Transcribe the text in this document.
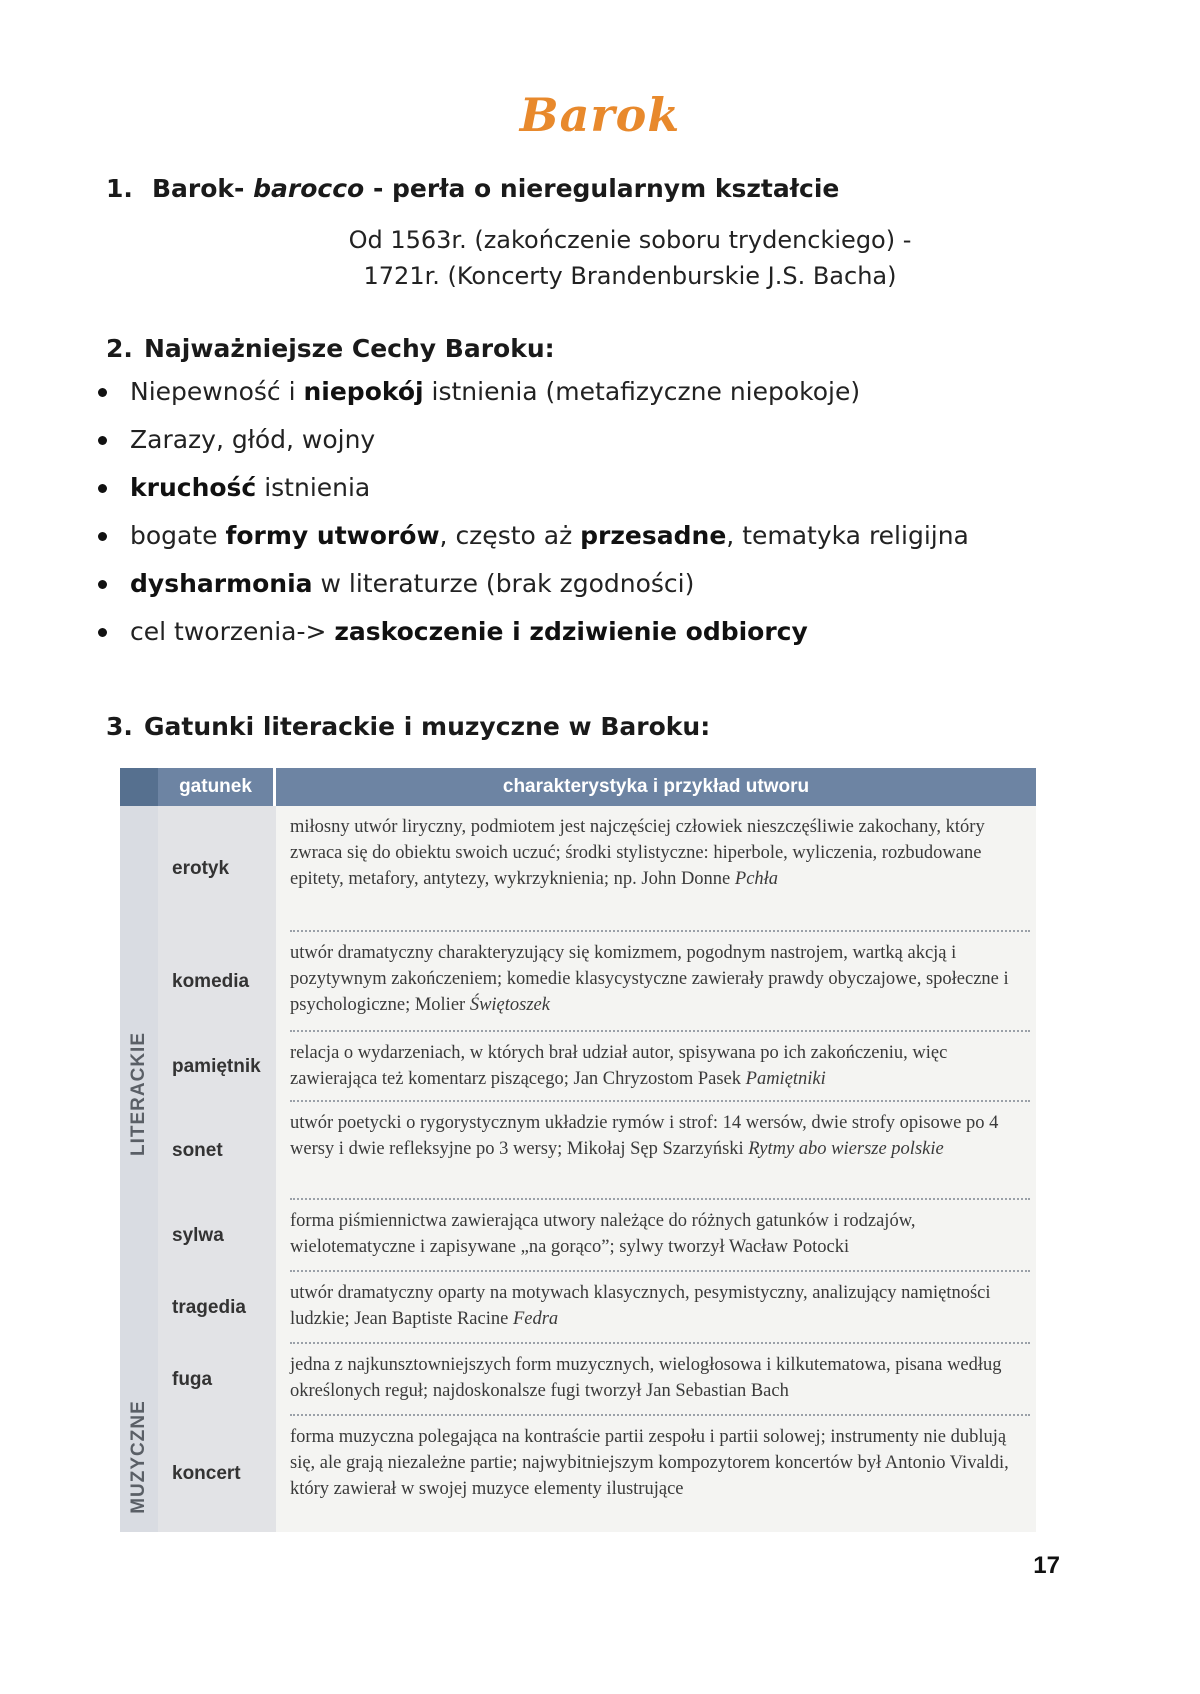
Barok
1. Barok- barocco - perła o nieregularnym kształcie
Od 1563r. (zakończenie soboru trydenckiego) -
1721r. (Koncerty Brandenburskie J.S. Bacha)
2. Najważniejsze Cechy Baroku:
Niepewność i niepokój istnienia (metafizyczne niepokoje)
Zarazy, głód, wojny
kruchość istnienia
bogate formy utworów, często aż przesadne, tematyka religijna
dysharmonia w literaturze (brak zgodności)
cel tworzenia-> zaskoczenie i zdziwienie odbiorcy
3. Gatunki literackie i muzyczne w Baroku:
gatunek	charakterystyka i przykład utworu
LITERACKIE
MUZYCZNE
erotyk
miłosny utwór liryczny, podmiotem jest najczęściej człowiek nieszczęśliwie zakochany, który zwraca się do obiektu swoich uczuć; środki stylistyczne: hiperbole, wyliczenia, rozbudowane epitety, metafory, antytezy, wykrzyknienia; np. John Donne Pchła
komedia
utwór dramatyczny charakteryzujący się komizmem, pogodnym nastrojem, wartką akcją i pozytywnym zakończeniem; komedie klasycystyczne zawierały prawdy obyczajowe, społeczne i psychologiczne; Molier Świętoszek
pamiętnik
relacja o wydarzeniach, w których brał udział autor, spisywana po ich zakończeniu, więc zawierająca też komentarz piszącego; Jan Chryzostom Pasek Pamiętniki
sonet
utwór poetycki o rygorystycznym układzie rymów i strof: 14 wersów, dwie strofy opisowe po 4 wersy i dwie refleksyjne po 3 wersy; Mikołaj Sęp Szarzyński Rytmy abo wiersze polskie
sylwa
forma piśmiennictwa zawierająca utwory należące do różnych gatunków i rodzajów, wielotematyczne i zapisywane „na gorąco”; sylwy tworzył Wacław Potocki
tragedia
utwór dramatyczny oparty na motywach klasycznych, pesymistyczny, analizujący namiętności ludzkie; Jean Baptiste Racine Fedra
fuga
jedna z najkunsztowniejszych form muzycznych, wielogłosowa i kilkutematowa, pisana według określonych reguł; najdoskonalsze fugi tworzył Jan Sebastian Bach
koncert
forma muzyczna polegająca na kontraście partii zespołu i partii solowej; instrumenty nie dublują się, ale grają niezależne partie; najwybitniejszym kompozytorem koncertów był Antonio Vivaldi, który zawierał w swojej muzyce elementy ilustrujące
17
